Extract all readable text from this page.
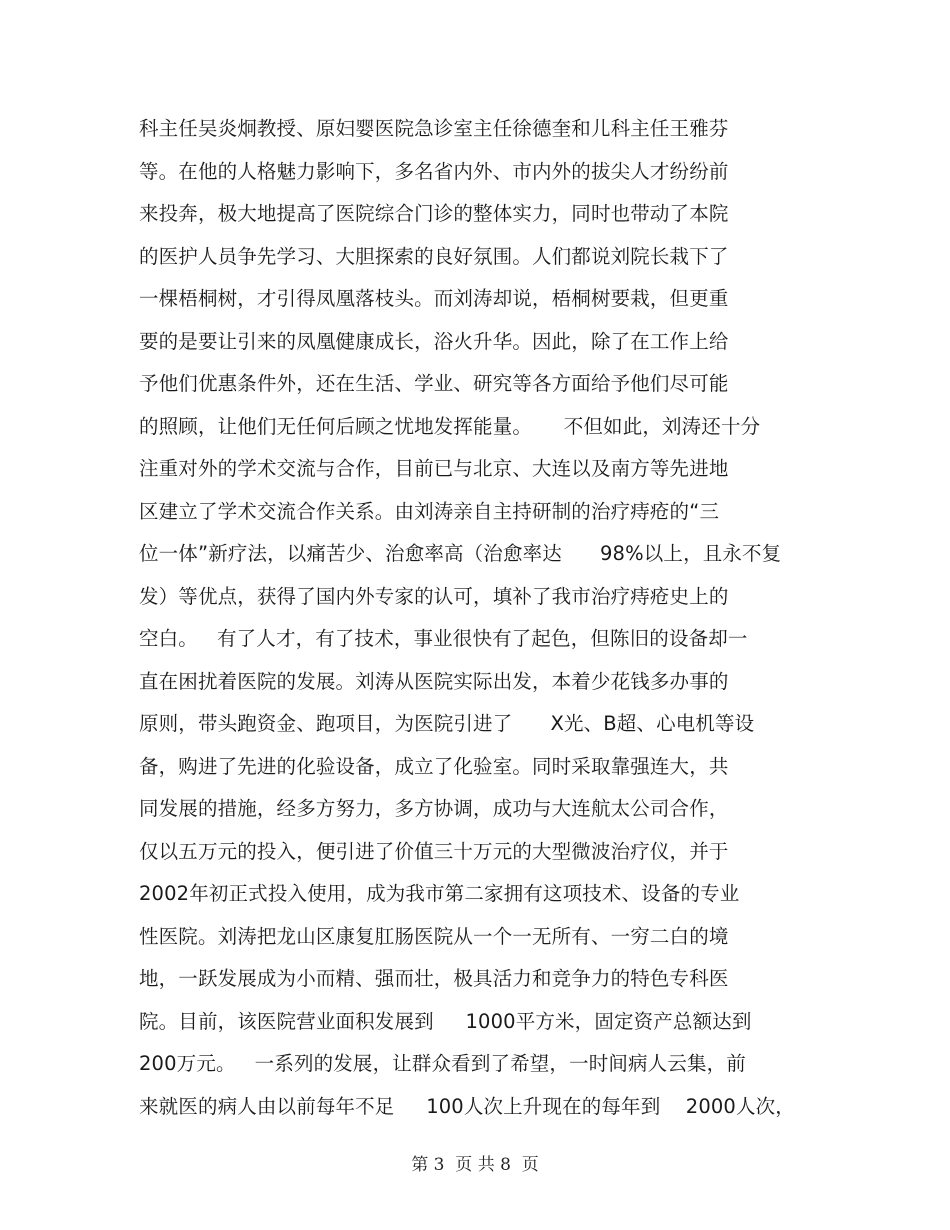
科主任吴炎炯教授、原妇婴医院急诊室主任徐德奎和儿科主任王雅芬
等。在他的人格魅力影响下，多名省内外、市内外的拔尖人才纷纷前
来投奔，极大地提高了医院综合门诊的整体实力，同时也带动了本院
的医护人员争先学习、大胆探索的良好氛围。人们都说刘院长栽下了
一棵梧桐树，才引得凤凰落枝头。而刘涛却说，梧桐树要栽，但更重
要的是要让引来的凤凰健康成长，浴火升华。因此，除了在工作上给
予他们优惠条件外，还在生活、学业、研究等各方面给予他们尽可能
的照顾，让他们无任何后顾之忧地发挥能量。     不但如此，刘涛还十分
注重对外的学术交流与合作，目前已与北京、大连以及南方等先进地
区建立了学术交流合作关系。由刘涛亲自主持研制的治疗痔疮的“三
位一体”新疗法，以痛苦少、治愈率高（治愈率达      98%以上，且永不复
发）等优点，获得了国内外专家的认可，填补了我市治疗痔疮史上的
空白。   有了人才，有了技术，事业很快有了起色，但陈旧的设备却一
直在困扰着医院的发展。刘涛从医院实际出发，本着少花钱多办事的
原则，带头跑资金、跑项目，为医院引进了      X光、B超、心电机等设
备，购进了先进的化验设备，成立了化验室。同时采取靠强连大，共
同发展的措施，经多方努力，多方协调，成功与大连航太公司合作，
仅以五万元的投入，便引进了价值三十万元的大型微波治疗仪，并于
2002年初正式投入使用，成为我市第二家拥有这项技术、设备的专业
性医院。刘涛把龙山区康复肛肠医院从一个一无所有、一穷二白的境
地，一跃发展成为小而精、强而壮，极具活力和竞争力的特色专科医
院。目前，该医院营业面积发展到     1000平方米，固定资产总额达到
200万元。   一系列的发展，让群众看到了希望，一时间病人云集，前
来就医的病人由以前每年不足     100人次上升现在的每年到    2000人次，
第 3  页 共 8  页
